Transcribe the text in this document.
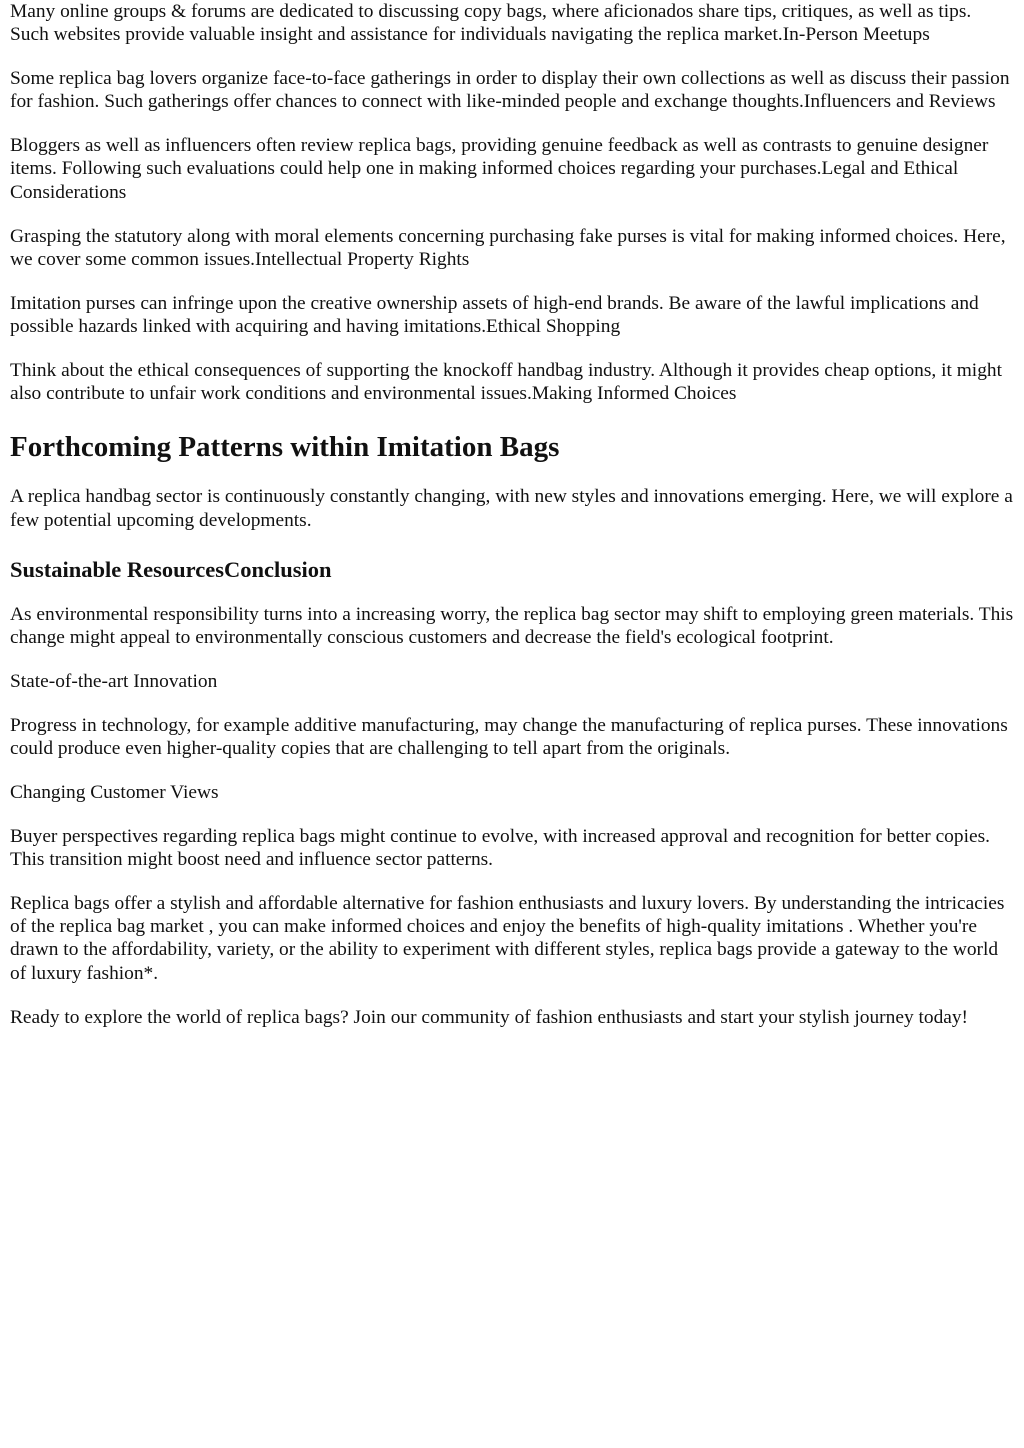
Many online groups & forums are dedicated to discussing copy bags, where aficionados share tips, critiques, as well as tips. Such websites provide valuable insight and assistance for individuals navigating the replica market.In-Person Meetups

Some replica bag lovers organize face-to-face gatherings in order to display their own collections as well as discuss their passion for fashion. Such gatherings offer chances to connect with like-minded people and exchange thoughts.Influencers and Reviews

Bloggers as well as influencers often review replica bags, providing genuine feedback as well as contrasts to genuine designer items. Following such evaluations could help one in making informed choices regarding your purchases.Legal and Ethical Considerations

Grasping the statutory along with moral elements concerning purchasing fake purses is vital for making informed choices. Here, we cover some common issues.Intellectual Property Rights

Imitation purses can infringe upon the creative ownership assets of high-end brands. Be aware of the lawful implications and possible hazards linked with acquiring and having imitations.Ethical Shopping

Think about the ethical consequences of supporting the knockoff handbag industry. Although it provides cheap options, it might also contribute to unfair work conditions and environmental issues.Making Informed Choices

Forthcoming Patterns within Imitation Bags

A replica handbag sector is continuously constantly changing, with new styles and innovations emerging. Here, we will explore a few potential upcoming developments.

Sustainable ResourcesConclusion

As environmental responsibility turns into a increasing worry, the replica bag sector may shift to employing green materials. This change might appeal to environmentally conscious customers and decrease the field's ecological footprint.

State-of-the-art Innovation

Progress in technology, for example additive manufacturing, may change the manufacturing of replica purses. These innovations could produce even higher-quality copies that are challenging to tell apart from the originals.

Changing Customer Views

Buyer perspectives regarding replica bags might continue to evolve, with increased approval and recognition for better copies. This transition might boost need and influence sector patterns.

Replica bags offer a stylish and affordable alternative for fashion enthusiasts and luxury lovers. By understanding the intricacies of the replica bag market , you can make informed choices and enjoy the benefits of high-quality imitations . Whether you're drawn to the affordability, variety, or the ability to experiment with different styles, replica bags provide a gateway to the world of luxury fashion*.

Ready to explore the world of replica bags? Join our community of fashion enthusiasts and start your stylish journey today!
